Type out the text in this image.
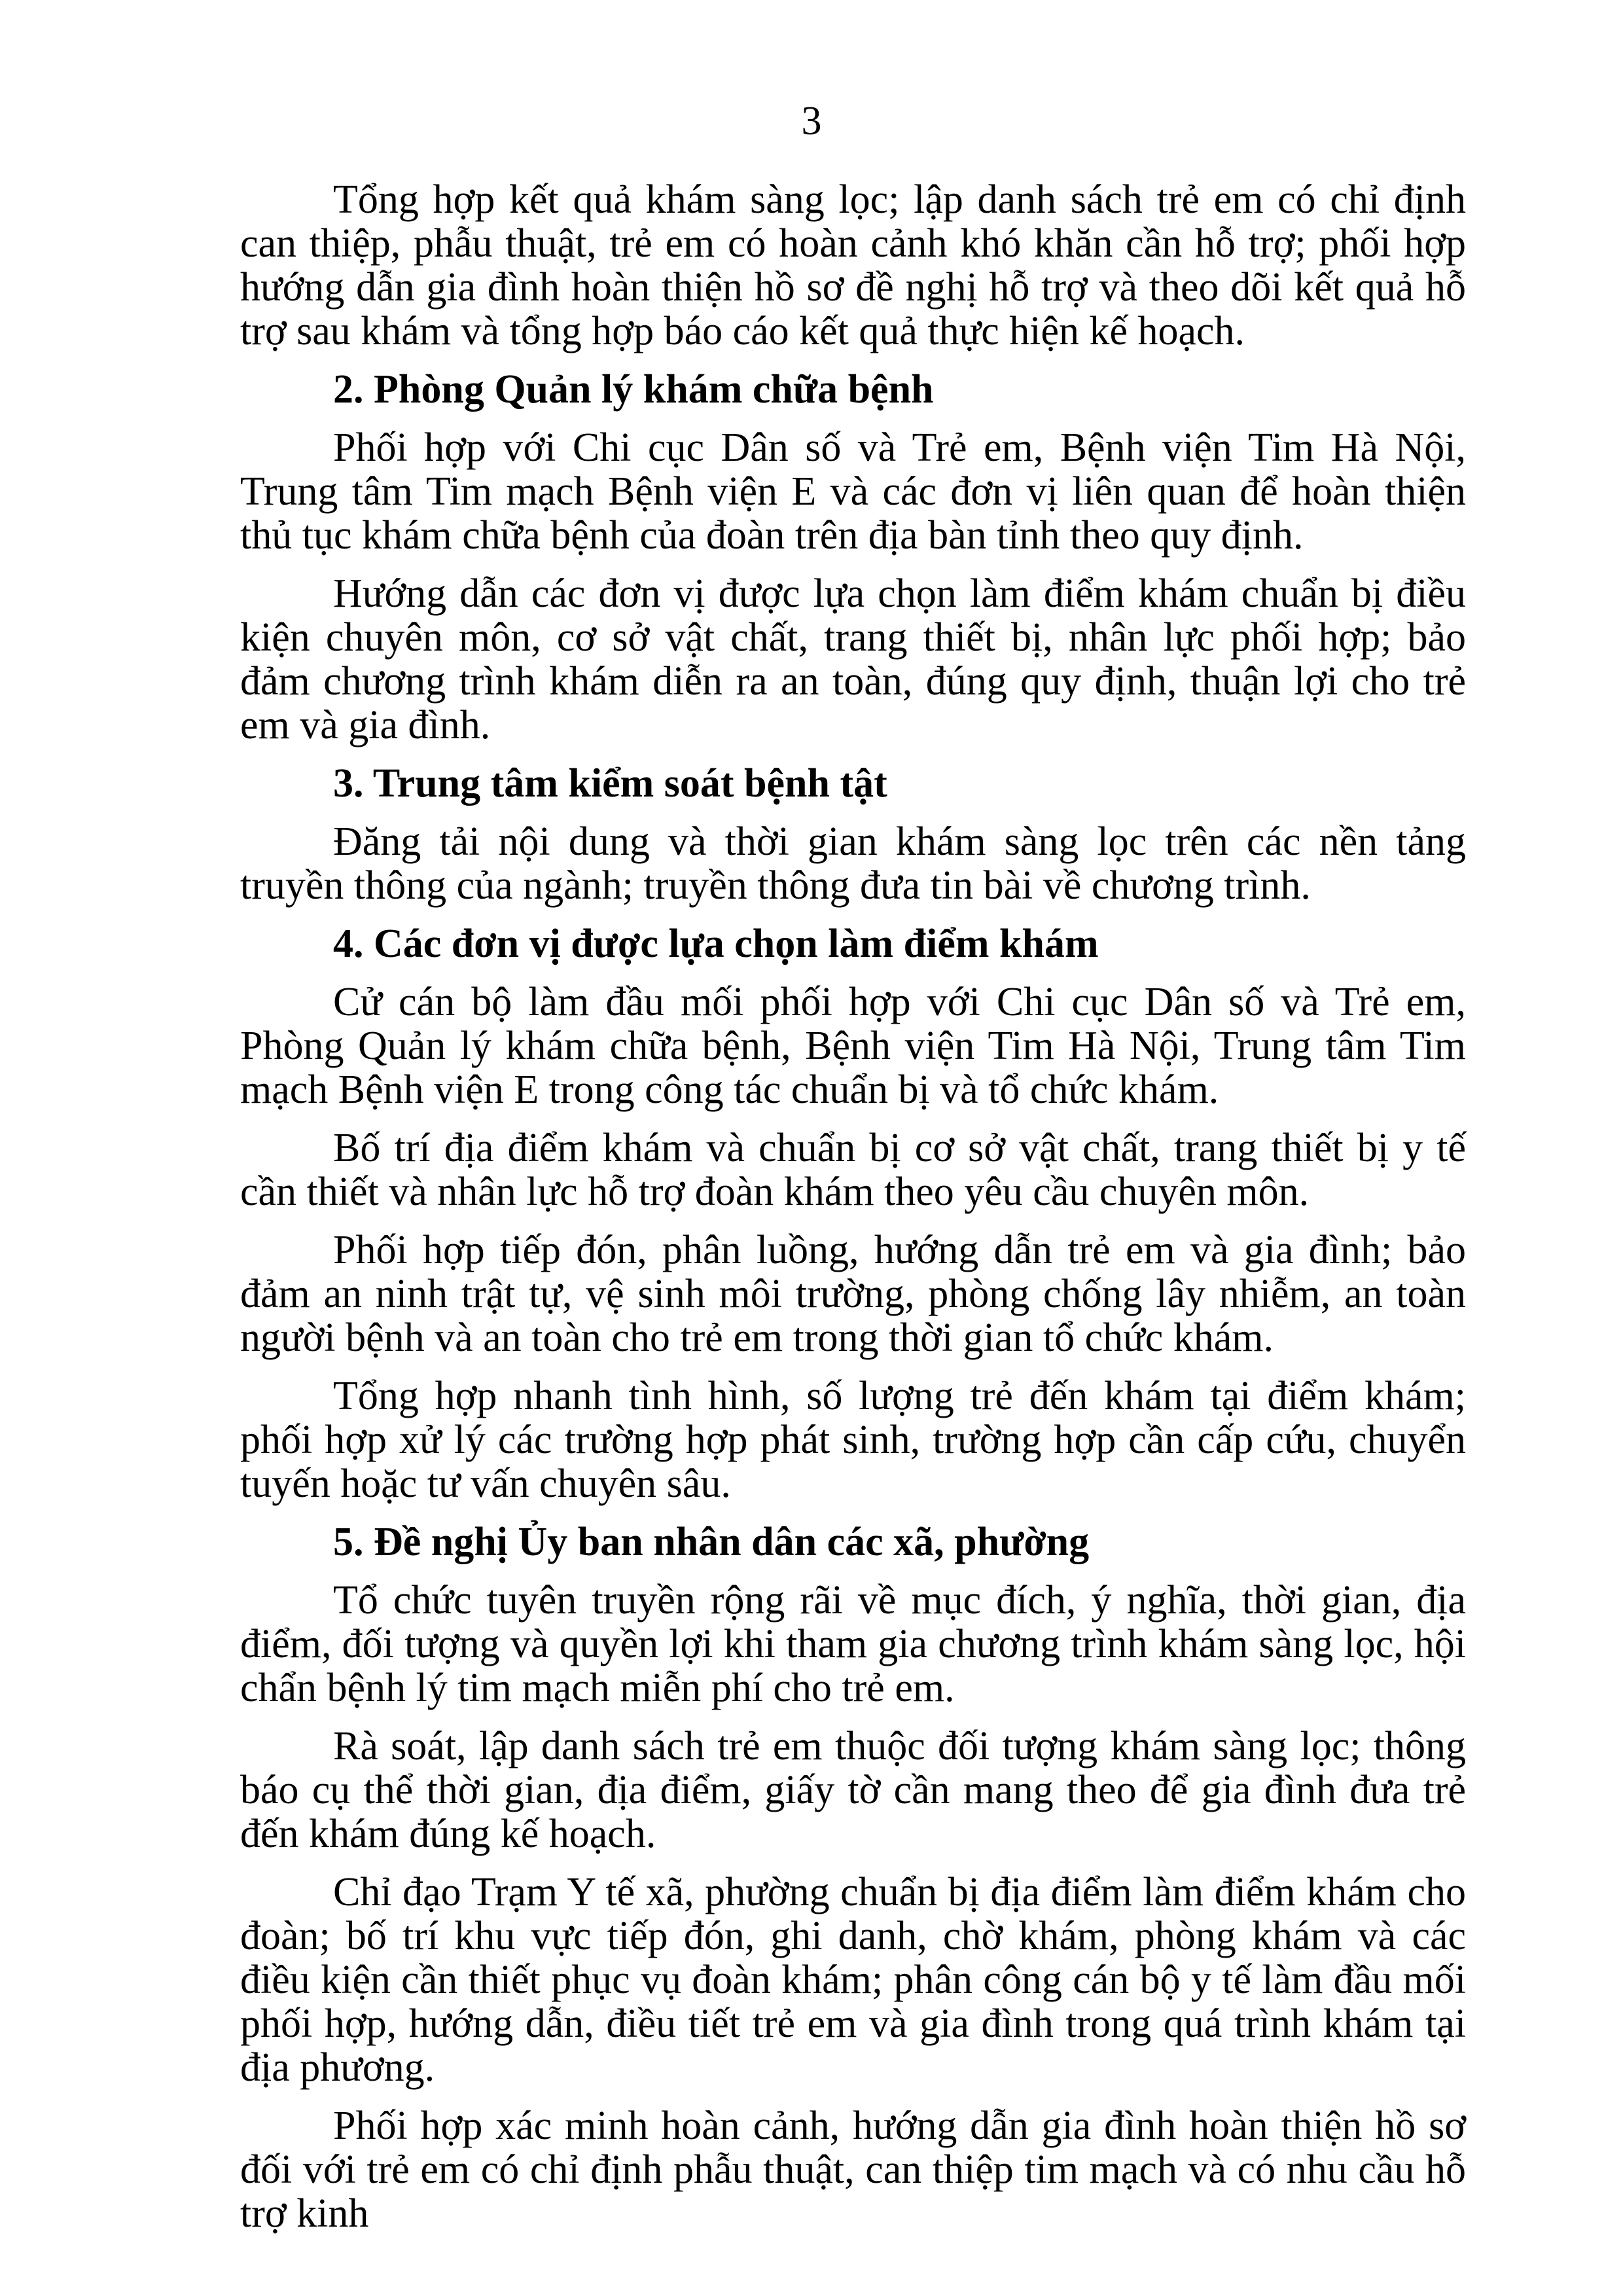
3

Tổng hợp kết quả khám sàng lọc; lập danh sách trẻ em có chỉ định can thiệp, phẫu thuật, trẻ em có hoàn cảnh khó khăn cần hỗ trợ; phối hợp hướng dẫn gia đình hoàn thiện hồ sơ đề nghị hỗ trợ và theo dõi kết quả hỗ trợ sau khám và tổng hợp báo cáo kết quả thực hiện kế hoạch.

2. Phòng Quản lý khám chữa bệnh

Phối hợp với Chi cục Dân số và Trẻ em, Bệnh viện Tim Hà Nội, Trung tâm Tim mạch Bệnh viện E và các đơn vị liên quan để hoàn thiện thủ tục khám chữa bệnh của đoàn trên địa bàn tỉnh theo quy định.

Hướng dẫn các đơn vị được lựa chọn làm điểm khám chuẩn bị điều kiện chuyên môn, cơ sở vật chất, trang thiết bị, nhân lực phối hợp; bảo đảm chương trình khám diễn ra an toàn, đúng quy định, thuận lợi cho trẻ em và gia đình.

3. Trung tâm kiểm soát bệnh tật

Đăng tải nội dung và thời gian khám sàng lọc trên các nền tảng truyền thông của ngành; truyền thông đưa tin bài về chương trình.

4. Các đơn vị được lựa chọn làm điểm khám

Cử cán bộ làm đầu mối phối hợp với Chi cục Dân số và Trẻ em, Phòng Quản lý khám chữa bệnh, Bệnh viện Tim Hà Nội, Trung tâm Tim mạch Bệnh viện E trong công tác chuẩn bị và tổ chức khám.

Bố trí địa điểm khám và chuẩn bị cơ sở vật chất, trang thiết bị y tế cần thiết và nhân lực hỗ trợ đoàn khám theo yêu cầu chuyên môn.

Phối hợp tiếp đón, phân luồng, hướng dẫn trẻ em và gia đình; bảo đảm an ninh trật tự, vệ sinh môi trường, phòng chống lây nhiễm, an toàn người bệnh và an toàn cho trẻ em trong thời gian tổ chức khám.

Tổng hợp nhanh tình hình, số lượng trẻ đến khám tại điểm khám; phối hợp xử lý các trường hợp phát sinh, trường hợp cần cấp cứu, chuyển tuyến hoặc tư vấn chuyên sâu.

5. Đề nghị Ủy ban nhân dân các xã, phường

Tổ chức tuyên truyền rộng rãi về mục đích, ý nghĩa, thời gian, địa điểm, đối tượng và quyền lợi khi tham gia chương trình khám sàng lọc, hội chẩn bệnh lý tim mạch miễn phí cho trẻ em.

Rà soát, lập danh sách trẻ em thuộc đối tượng khám sàng lọc; thông báo cụ thể thời gian, địa điểm, giấy tờ cần mang theo để gia đình đưa trẻ đến khám đúng kế hoạch.

Chỉ đạo Trạm Y tế xã, phường chuẩn bị địa điểm làm điểm khám cho đoàn; bố trí khu vực tiếp đón, ghi danh, chờ khám, phòng khám và các điều kiện cần thiết phục vụ đoàn khám; phân công cán bộ y tế làm đầu mối phối hợp, hướng dẫn, điều tiết trẻ em và gia đình trong quá trình khám tại địa phương.

Phối hợp xác minh hoàn cảnh, hướng dẫn gia đình hoàn thiện hồ sơ đối với trẻ em có chỉ định phẫu thuật, can thiệp tim mạch và có nhu cầu hỗ trợ kinh
